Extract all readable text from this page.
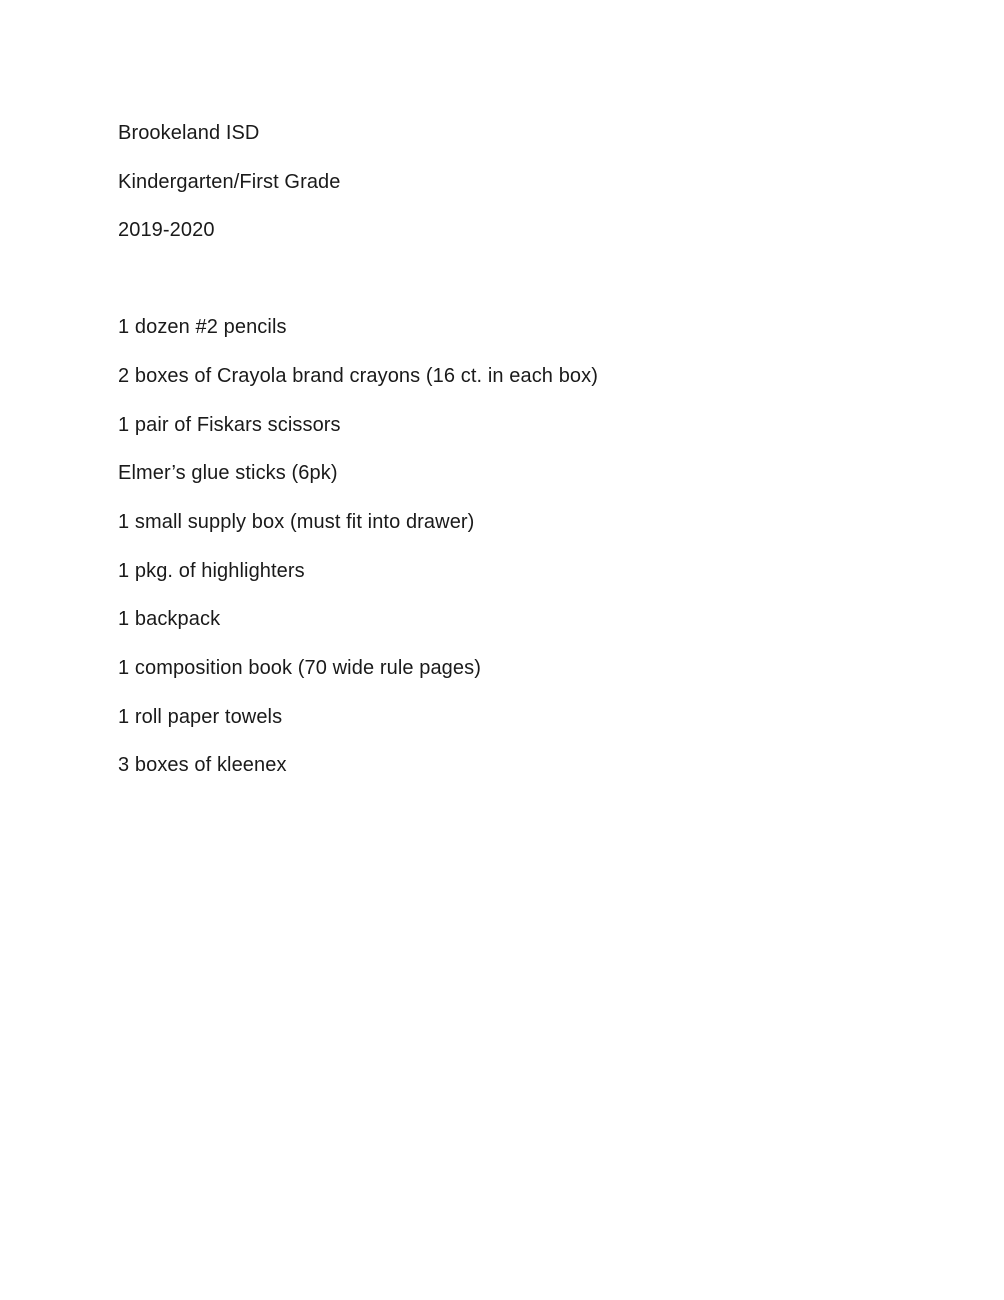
Brookeland ISD
Kindergarten/First Grade
2019-2020
1 dozen #2 pencils
2 boxes of Crayola brand crayons (16 ct. in each box)
1 pair of Fiskars scissors
Elmer’s glue sticks (6pk)
1 small supply box (must fit into drawer)
1 pkg. of highlighters
1 backpack
1 composition book (70 wide rule pages)
1 roll paper towels
3 boxes of kleenex
